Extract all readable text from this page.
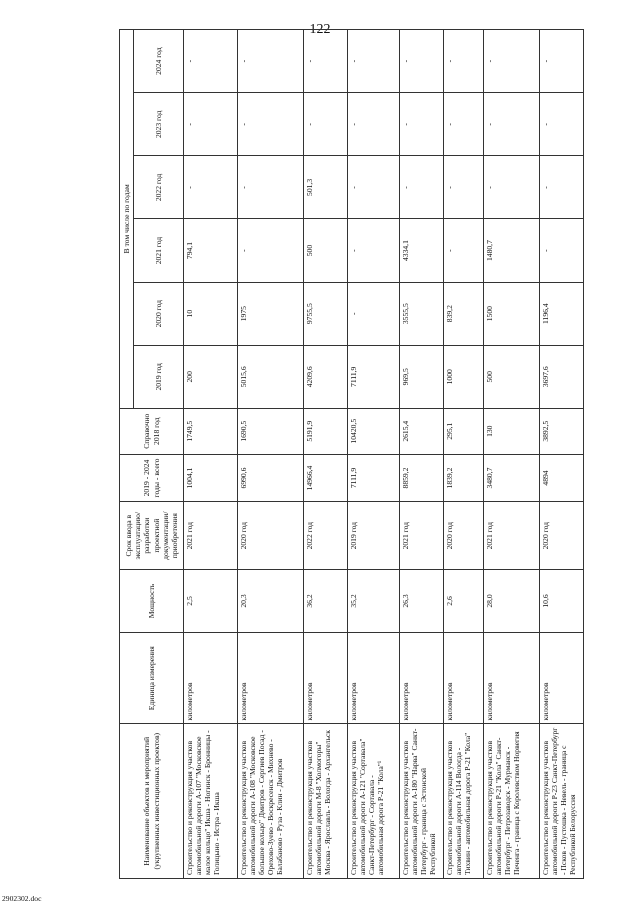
122
Наименование объектов и мероприятий (укрупненных инвестиционных проектов)	Единица измерения	Мощность	Срок ввода в эксплуатацию/разработки проектной документации/приобретения	2019 - 2024 годы - всего	Справочно 2018 год	В том числе по годам					
						2019 год	2020 год	2021 год	2022 год	2023 год	2024 год
Строительство и реконструкция участков автомобильной дороги А-107 "Московское малое кольцо" Икша - Ногинск - Бронницы - Голицыно - Истра - Икша	километров	2,5	2021 год	1004,1	1749,5	200	10	794,1	-	-	-
Строительство и реконструкция участков автомобильной дороги А-108 "Московское большое кольцо" Дмитров - Сергиев Посад - Орехово-Зуево - Воскресенск - Михнево - Балабаново - Руза - Клин - Дмитров	километров	20,3	2020 год	6990,6	1690,5	5015,6	1975	-	-	-	-
Строительство и реконструкция участков автомобильной дороги М-8 "Холмогоры" Москва - Ярославль - Вологда - Архангельск	километров	36,2	2022 год	14966,4	5191,9	4209,6	9755,5	500	501,3	-	-
Строительство и реконструкция участков автомобильной дороги А-121 "Сортавала" Санкт-Петербург - Сортавала - автомобильная дорога Р-21 "Кола"¹	километров	35,2	2019 год	7111,9	10420,5	7111,9	-	-	-	-	-
Строительство и реконструкция участков автомобильной дороги А-180 "Нарва" Санкт-Петербург - граница с Эстонской Республикой	километров	26,3	2021 год	8859,2	2615,4	969,5	3555,5	4334,1	-	-	-
Строительство и реконструкция участков автомобильной дороги А-114 Вологда - Тихвин - автомобильная дорога Р-21 "Кола"	километров	2,6	2020 год	1839,2	295,1	1000	839,2	-	-	-	-
Строительство и реконструкция участков автомобильной дороги Р-21 "Кола" Санкт-Петербург - Петрозаводск - Мурманск - Печенга - граница с Королевством Норвегия	километров	28,0	2021 год	3480,7	130	500	1500	1480,7	-	-	-
Строительство и реконструкция участков автомобильной дороги Р-23 Санкт-Петербург - Псков - Пустошка - Невель - граница с Республикой Белоруссия	километров	10,6	2020 год	4894	3892,5	3697,6	1196,4	-	-	-	-
2902302.doc
